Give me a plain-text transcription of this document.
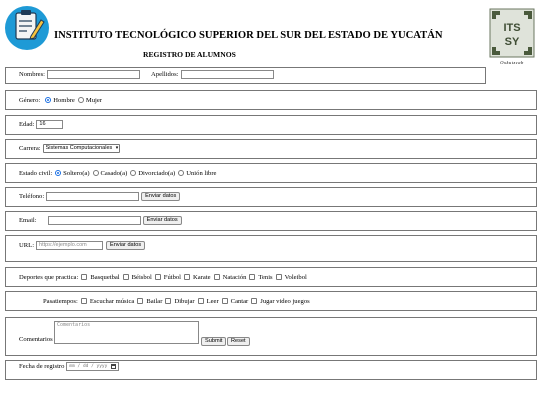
INSTITUTO TECNOLÓGICO SUPERIOR DEL SUR DEL ESTADO DE YUCATÁN
REGISTRO DE ALUMNOS
ITS
SY
Oxkutzcab
Nombres:	Apellidos:
Género: Hombre Mujer
Edad: 16
Carrera: Sistemas Computacionales ▾
Estado civil: Soltero(a) Casado(a) Divorciado(a) Unión libre
Teléfono:	Enviar datos
Email:	Enviar datos
URL: https://ejemplo.com	Enviar datos
Deportes que practica: Basquetbal Béisbol Fútbol Karate Natación Tenis Voleibol
Pasatiempos: Escuchar música Bailar Dibujar Leer Cantar Jugar video juegos
Comentarios
Comentarios
Submit	Reset
Fecha de registro mm / dd / yyyy
